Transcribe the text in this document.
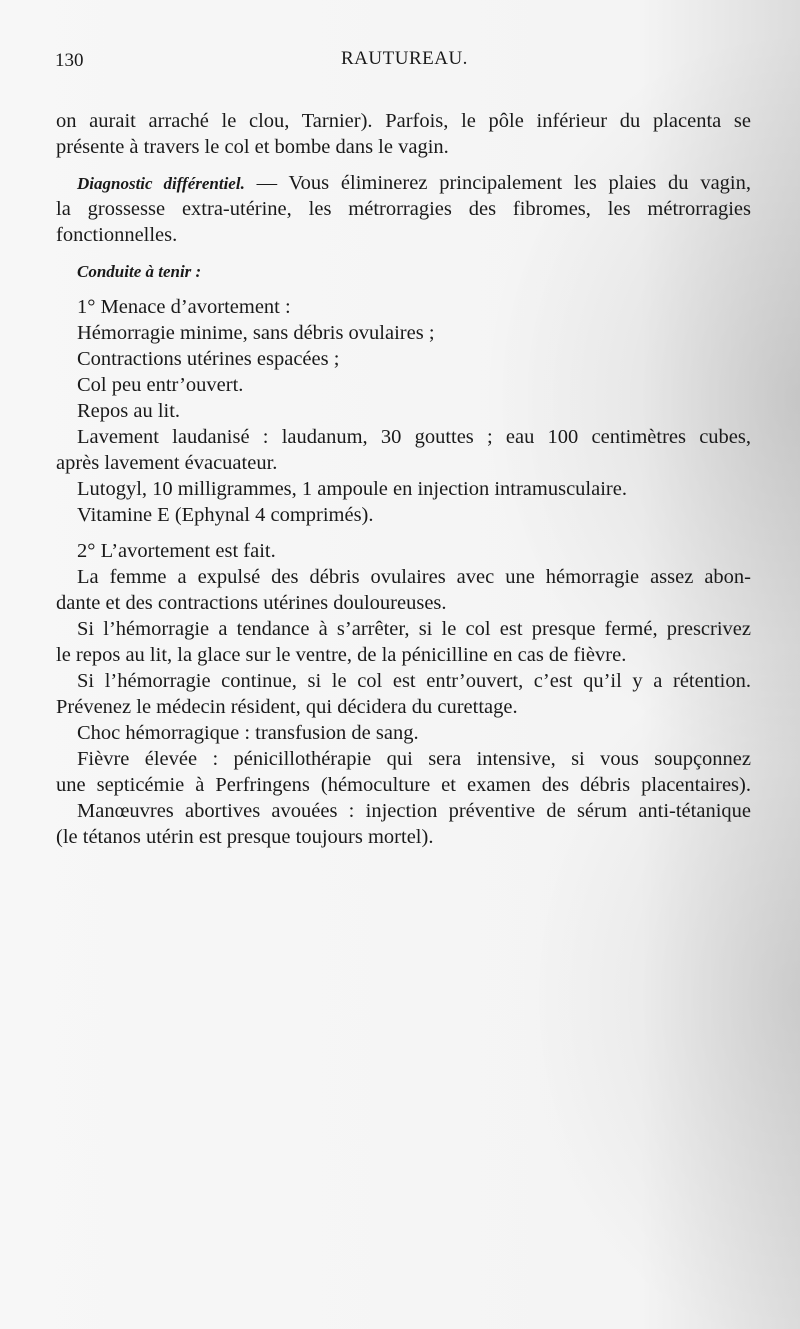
130	RAUTUREAU.
on aurait arraché le clou, Tarnier). Parfois, le pôle inférieur du placenta se
présente à travers le col et bombe dans le vagin.
Diagnostic différentiel. — Vous éliminerez principalement les plaies du vagin,
la grossesse extra-utérine, les métrorragies des fibromes, les métrorragies
fonctionnelles.
Conduite à tenir :
1° Menace d’avortement :
Hémorragie minime, sans débris ovulaires ;
Contractions utérines espacées ;
Col peu entr’ouvert.
Repos au lit.
Lavement laudanisé : laudanum, 30 gouttes ; eau 100 centimètres cubes,
après lavement évacuateur.
Lutogyl, 10 milligrammes, 1 ampoule en injection intramusculaire.
Vitamine E (Ephynal 4 comprimés).
2° L’avortement est fait.
La femme a expulsé des débris ovulaires avec une hémorragie assez abon-
dante et des contractions utérines douloureuses.
Si l’hémorragie a tendance à s’arrêter, si le col est presque fermé, prescrivez
le repos au lit, la glace sur le ventre, de la pénicilline en cas de fièvre.
Si l’hémorragie continue, si le col est entr’ouvert, c’est qu’il y a rétention.
Prévenez le médecin résident, qui décidera du curettage.
Choc hémorragique : transfusion de sang.
Fièvre élevée : pénicillothérapie qui sera intensive, si vous soupçonnez
une septicémie à Perfringens (hémoculture et examen des débris placentaires).
Manœuvres abortives avouées : injection préventive de sérum anti-tétanique
(le tétanos utérin est presque toujours mortel).
